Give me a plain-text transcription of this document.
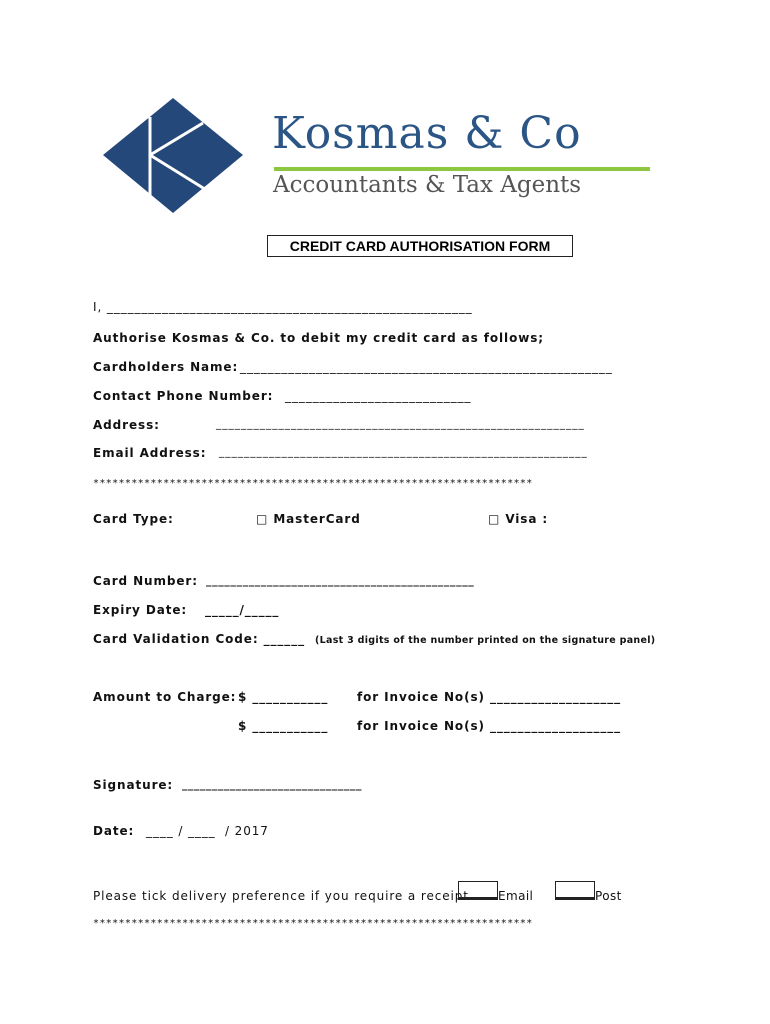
Kosmas & Co
Accountants & Tax Agents
CREDIT CARD AUTHORISATION FORM
I, _____________________________________________________
Authorise Kosmas & Co. to debit my credit card as follows;
Cardholders Name: ______________________________________________________
Contact Phone Number: ___________________________
Address:	___________________________________________________________
Email Address: ___________________________________________________________
*********************************************************************
Card Type:	□ MasterCard	□ Visa :
Card Number: ____________________________________________
Expiry Date: _____/_____
Card Validation Code: ______ (Last 3 digits of the number printed on the signature panel)
Amount to Charge: $ ___________ for Invoice No(s) ___________________
$ ___________ for Invoice No(s) ___________________
Signature: ______________________________
Date: ____ / ____  / 2017
Please tick delivery preference if you require a receipt Email	Post
*********************************************************************
